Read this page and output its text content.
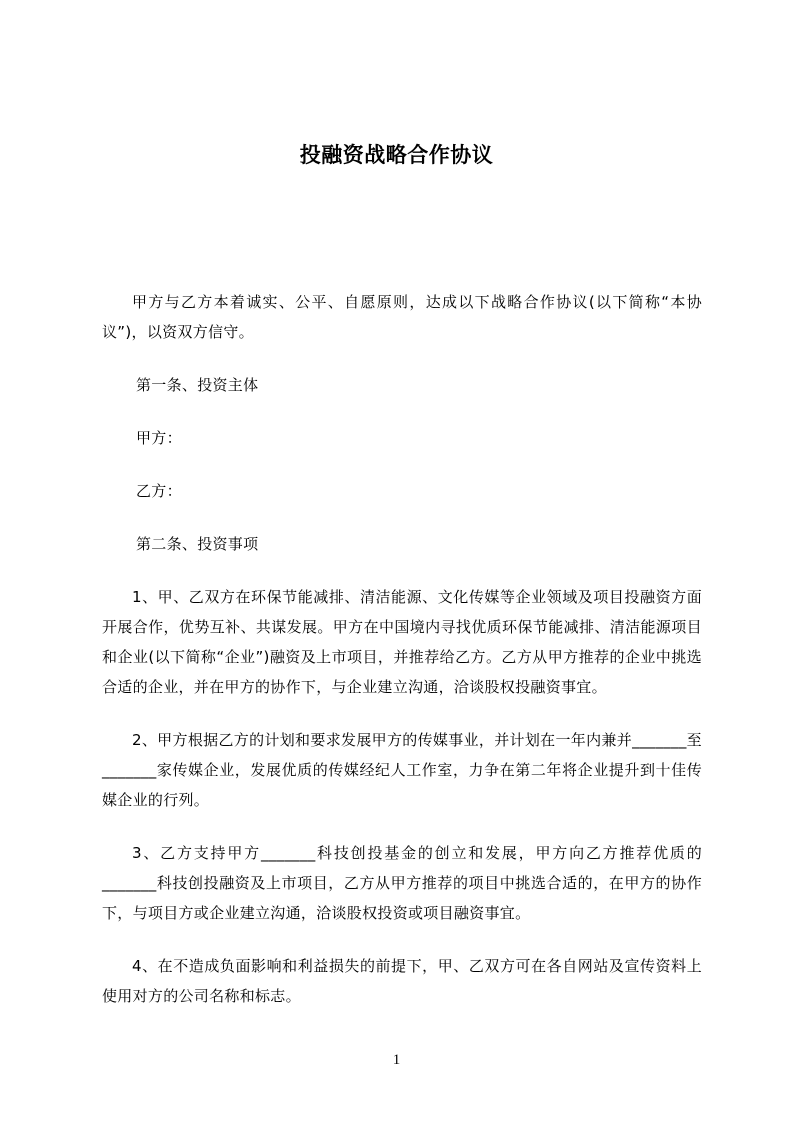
投融资战略合作协议

甲方与乙方本着诚实、公平、自愿原则，达成以下战略合作协议(以下简称“本协议”)，以资双方信守。

第一条、投资主体

甲方：

乙方：

第二条、投资事项

1、甲、乙双方在环保节能减排、清洁能源、文化传媒等企业领域及项目投融资方面开展合作，优势互补、共谋发展。甲方在中国境内寻找优质环保节能减排、清洁能源项目和企业(以下简称“企业”)融资及上市项目，并推荐给乙方。乙方从甲方推荐的企业中挑选合适的企业，并在甲方的协作下，与企业建立沟通，洽谈股权投融资事宜。

2、甲方根据乙方的计划和要求发展甲方的传媒事业，并计划在一年内兼并_______至_______家传媒企业，发展优质的传媒经纪人工作室，力争在第二年将企业提升到十佳传媒企业的行列。

3、乙方支持甲方_______科技创投基金的创立和发展，甲方向乙方推荐优质的_______科技创投融资及上市项目，乙方从甲方推荐的项目中挑选合适的，在甲方的协作下，与项目方或企业建立沟通，洽谈股权投资或项目融资事宜。

4、在不造成负面影响和利益损失的前提下，甲、乙双方可在各自网站及宣传资料上使用对方的公司名称和标志。

1
